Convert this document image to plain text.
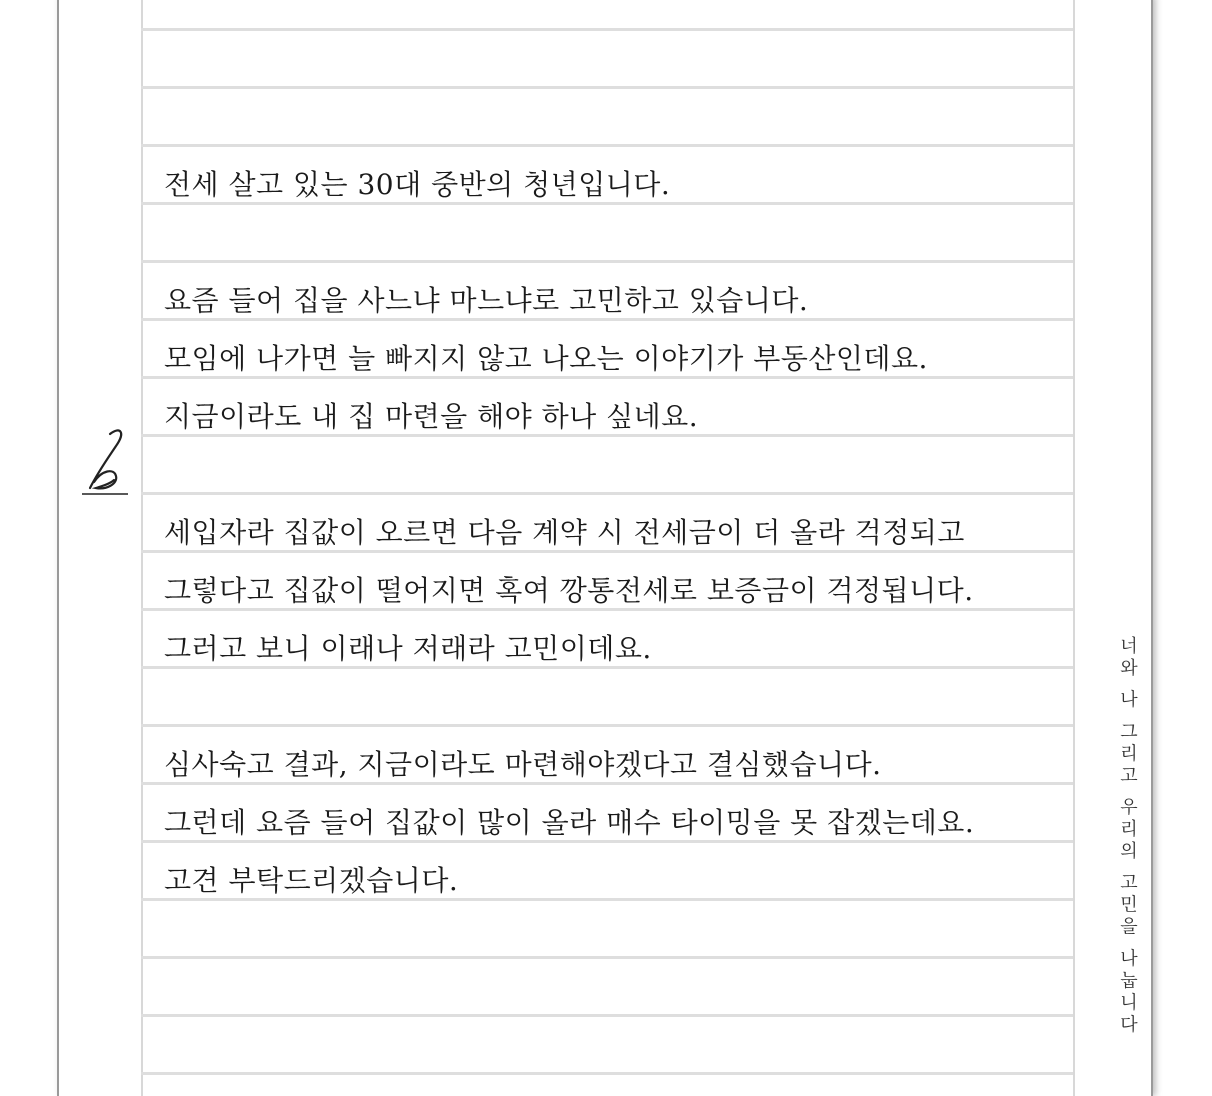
전세 살고 있는 30대 중반의 청년입니다.
요즘 들어 집을 사느냐 마느냐로 고민하고 있습니다.
모임에 나가면 늘 빠지지 않고 나오는 이야기가 부동산인데요.
지금이라도 내 집 마련을 해야 하나 싶네요.
세입자라 집값이 오르면 다음 계약 시 전세금이 더 올라 걱정되고
그렇다고 집값이 떨어지면 혹여 깡통전세로 보증금이 걱정됩니다.
그러고 보니 이래나 저래라 고민이데요.
심사숙고 결과, 지금이라도 마련해야겠다고 결심했습니다.
그런데 요즘 들어 집값이 많이 올라 매수 타이밍을 못 잡겠는데요.
고견 부탁드리겠습니다.	너와 나 그리고 우리의 고민을 나눕니다
